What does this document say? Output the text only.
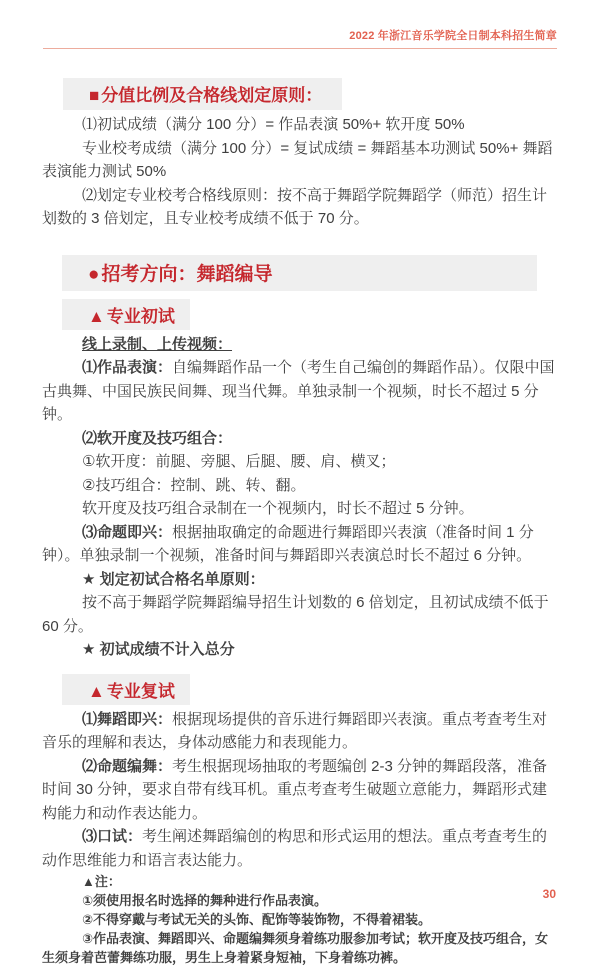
2022 年浙江音乐学院全日制本科招生简章
■ 分值比例及合格线划定原则：

⑴初试成绩（满分 100 分）= 作品表演 50%+ 软开度 50%

专业校考成绩（满分 100 分）= 复试成绩 = 舞蹈基本功测试 50%+ 舞蹈表演能力测试 50%

⑵划定专业校考合格线原则：按不高于舞蹈学院舞蹈学（师范）招生计划数的 3 倍划定，且专业校考成绩不低于 70 分。

● 招考方向：舞蹈编导
▲ 专业初试

线上录制、上传视频：

⑴作品表演：自编舞蹈作品一个（考生自己编创的舞蹈作品）。仅限中国古典舞、中国民族民间舞、现当代舞。单独录制一个视频，时长不超过 5 分钟。

⑵软开度及技巧组合：

①软开度：前腿、旁腿、后腿、腰、肩、横叉；

②技巧组合：控制、跳、转、翻。

软开度及技巧组合录制在一个视频内，时长不超过 5 分钟。

⑶命题即兴：根据抽取确定的命题进行舞蹈即兴表演（准备时间 1 分钟）。单独录制一个视频，准备时间与舞蹈即兴表演总时长不超过 6 分钟。

★ 划定初试合格名单原则：

按不高于舞蹈学院舞蹈编导招生计划数的 6 倍划定，且初试成绩不低于 60 分。

★ 初试成绩不计入总分

▲ 专业复试

⑴舞蹈即兴：根据现场提供的音乐进行舞蹈即兴表演。重点考查考生对音乐的理解和表达，身体动感能力和表现能力。

⑵命题编舞：考生根据现场抽取的考题编创 2-3 分钟的舞蹈段落，准备时间 30 分钟，要求自带有线耳机。重点考查考生破题立意能力，舞蹈形式建构能力和动作表达能力。

⑶口试：考生阐述舞蹈编创的构思和形式运用的想法。重点考查考生的动作思维能力和语言表达能力。

▲注：

①须使用报名时选择的舞种进行作品表演。

②不得穿戴与考试无关的头饰、配饰等装饰物，不得着裙装。

③作品表演、舞蹈即兴、命题编舞须身着练功服参加考试；软开度及技巧组合，女生须身着芭蕾舞练功服，男生上身着紧身短袖，下身着练功裤。

30
